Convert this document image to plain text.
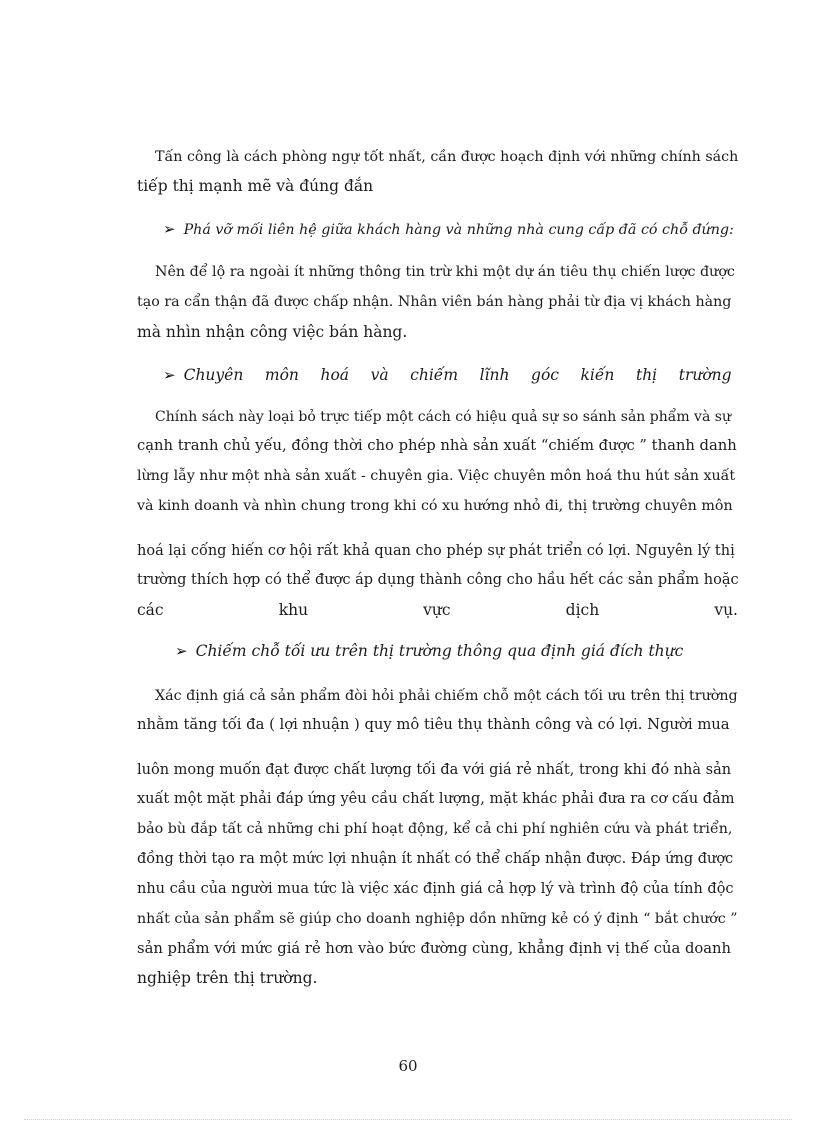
Tấn công là cách phòng ngự tốt nhất, cần được hoạch định với những chính sách
tiếp thị mạnh mẽ và đúng đắn
➢ Phá vỡ mối liên hệ giữa khách hàng và những nhà cung cấp đã có chỗ đứng:
Nên để lộ ra ngoài ít những thông tin trừ khi một dự án tiêu thụ chiến lược được
tạo ra cẩn thận đã được chấp nhận. Nhân viên bán hàng phải từ địa vị khách hàng
mà nhìn nhận công việc bán hàng.
➢ Chuyên môn hoá và chiếm lĩnh góc kiến thị trường
Chính sách này loại bỏ trực tiếp một cách có hiệu quả sự so sánh sản phẩm và sự
cạnh tranh chủ yếu, đồng thời cho phép nhà sản xuất “chiếm được ” thanh danh
lừng lẫy như một nhà sản xuất - chuyên gia. Việc chuyên môn hoá thu hút sản xuất
và kinh doanh và nhìn chung trong khi có xu hướng nhỏ đi, thị trường chuyên môn
hoá lại cống hiến cơ hội rất khả quan cho phép sự phát triển có lợi. Nguyên lý thị
trường thích hợp có thể được áp dụng thành công cho hầu hết các sản phẩm hoặc
các khu vực dịch vụ.
➢ Chiếm chỗ tối ưu trên thị trường thông qua định giá đích thực
Xác định giá cả sản phẩm đòi hỏi phải chiếm chỗ một cách tối ưu trên thị trường
nhằm tăng tối đa ( lợi nhuận ) quy mô tiêu thụ thành công và có lợi. Người mua
luôn mong muốn đạt được chất lượng tối đa với giá rẻ nhất, trong khi đó nhà sản
xuất một mặt phải đáp ứng yêu cầu chất lượng, mặt khác phải đưa ra cơ cấu đảm
bảo bù đắp tất cả những chi phí hoạt động, kể cả chi phí nghiên cứu và phát triển,
đồng thời tạo ra một mức lợi nhuận ít nhất có thể chấp nhận được. Đáp ứng được
nhu cầu của người mua tức là việc xác định giá cả hợp lý và trình độ của tính độc
nhất của sản phẩm sẽ giúp cho doanh nghiệp dồn những kẻ có ý định “ bắt chước ”
sản phẩm với mức giá rẻ hơn vào bức đường cùng, khẳng định vị thế của doanh
nghiệp trên thị trường.
60
